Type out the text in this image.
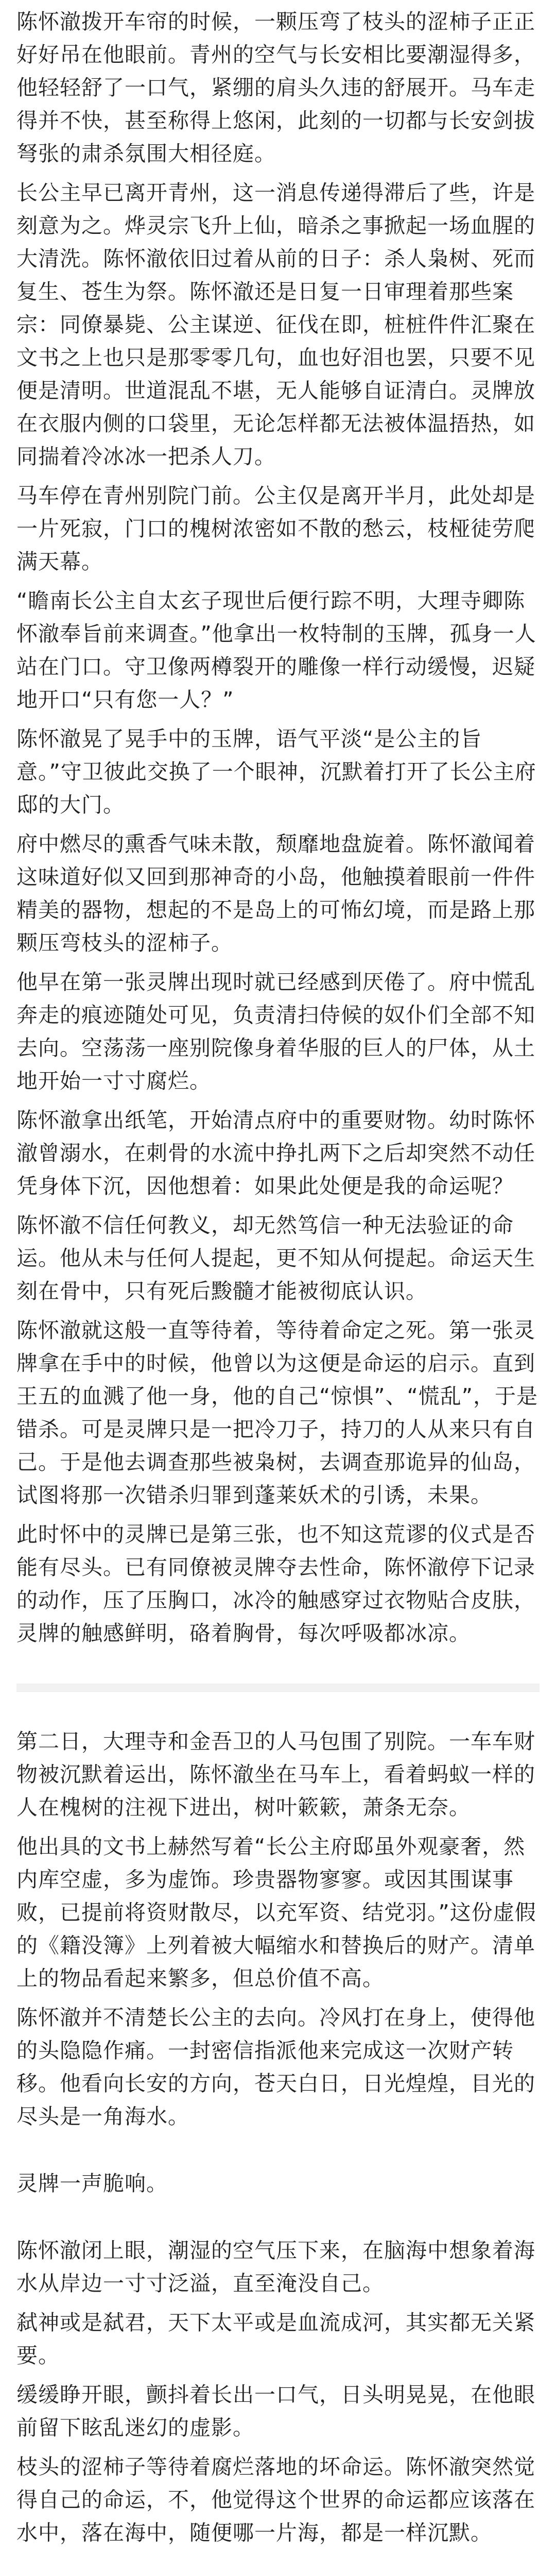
陈怀澈拨开车帘的时候，一颗压弯了枝头的涩柿子正正好好吊在他眼前。青州的空气与长安相比要潮湿得多，他轻轻舒了一口气，紧绷的肩头久违的舒展开。马车走得并不快，甚至称得上悠闲，此刻的一切都与长安剑拔弩张的肃杀氛围大相径庭。

长公主早已离开青州，这一消息传递得滞后了些，许是刻意为之。烨灵宗飞升上仙，暗杀之事掀起一场血腥的大清洗。陈怀澈依旧过着从前的日子：杀人枭树、死而复生、苍生为祭。陈怀澈还是日复一日审理着那些案宗：同僚暴毙、公主谋逆、征伐在即，桩桩件件汇聚在文书之上也只是那零零几句，血也好泪也罢，只要不见便是清明。世道混乱不堪，无人能够自证清白。灵牌放在衣服内侧的口袋里，无论怎样都无法被体温捂热，如同揣着冷冰冰一把杀人刀。

马车停在青州别院门前。公主仅是离开半月，此处却是一片死寂，门口的槐树浓密如不散的愁云，枝桠徒劳爬满天幕。

“瞻南长公主自太玄子现世后便行踪不明，大理寺卿陈怀澈奉旨前来调查。”他拿出一枚特制的玉牌，孤身一人站在门口。守卫像两樽裂开的雕像一样行动缓慢，迟疑地开口“只有您一人？”

陈怀澈晃了晃手中的玉牌，语气平淡“是公主的旨意。”守卫彼此交换了一个眼神，沉默着打开了长公主府邸的大门。

府中燃尽的熏香气味未散，颓靡地盘旋着。陈怀澈闻着这味道好似又回到那神奇的小岛，他触摸着眼前一件件精美的器物，想起的不是岛上的可怖幻境，而是路上那颗压弯枝头的涩柿子。

他早在第一张灵牌出现时就已经感到厌倦了。府中慌乱奔走的痕迹随处可见，负责清扫侍候的奴仆们全部不知去向。空荡荡一座别院像身着华服的巨人的尸体，从土地开始一寸寸腐烂。

陈怀澈拿出纸笔，开始清点府中的重要财物。幼时陈怀澈曾溺水，在刺骨的水流中挣扎两下之后却突然不动任凭身体下沉，因他想着：如果此处便是我的命运呢？

陈怀澈不信任何教义，却无然笃信一种无法验证的命运。他从未与任何人提起，更不知从何提起。命运天生刻在骨中，只有死后黢髓才能被彻底认识。

陈怀澈就这般一直等待着，等待着命定之死。第一张灵牌拿在手中的时候，他曾以为这便是命运的启示。直到王五的血溅了他一身，他的自己“惊惧”、“慌乱”，于是错杀。可是灵牌只是一把冷刀子，持刀的人从来只有自己。于是他去调查那些被枭树，去调查那诡异的仙岛，试图将那一次错杀归罪到蓬莱妖术的引诱，未果。

此时怀中的灵牌已是第三张，也不知这荒谬的仪式是否能有尽头。已有同僚被灵牌夺去性命，陈怀澈停下记录的动作，压了压胸口，冰冷的触感穿过衣物贴合皮肤，灵牌的触感鲜明，硌着胸骨，每次呼吸都冰凉。

第二日，大理寺和金吾卫的人马包围了别院。一车车财物被沉默着运出，陈怀澈坐在马车上，看着蚂蚁一样的人在槐树的注视下进出，树叶簌簌，萧条无奈。

他出具的文书上赫然写着“长公主府邸虽外观豪奢，然内库空虚，多为虚饰。珍贵器物寥寥。或因其围谋事败，已提前将资财散尽，以充军资、结党羽。”这份虚假的《籍没簿》上列着被大幅缩水和替换后的财产。清单上的物品看起来繁多，但总价值不高。

陈怀澈并不清楚长公主的去向。冷风打在身上，使得他的头隐隐作痛。一封密信指派他来完成这一次财产转移。他看向长安的方向，苍天白日，日光煌煌，目光的尽头是一角海水。

灵牌一声脆响。

陈怀澈闭上眼，潮湿的空气压下来，在脑海中想象着海水从岸边一寸寸泛溢，直至淹没自己。

弑神或是弑君，天下太平或是血流成河，其实都无关紧要。

缓缓睁开眼，颤抖着长出一口气，日头明晃晃，在他眼前留下眩乱迷幻的虚影。

枝头的涩柿子等待着腐烂落地的坏命运。陈怀澈突然觉得自己的命运，不，他觉得这个世界的命运都应该落在水中，落在海中，随便哪一片海，都是一样沉默。
